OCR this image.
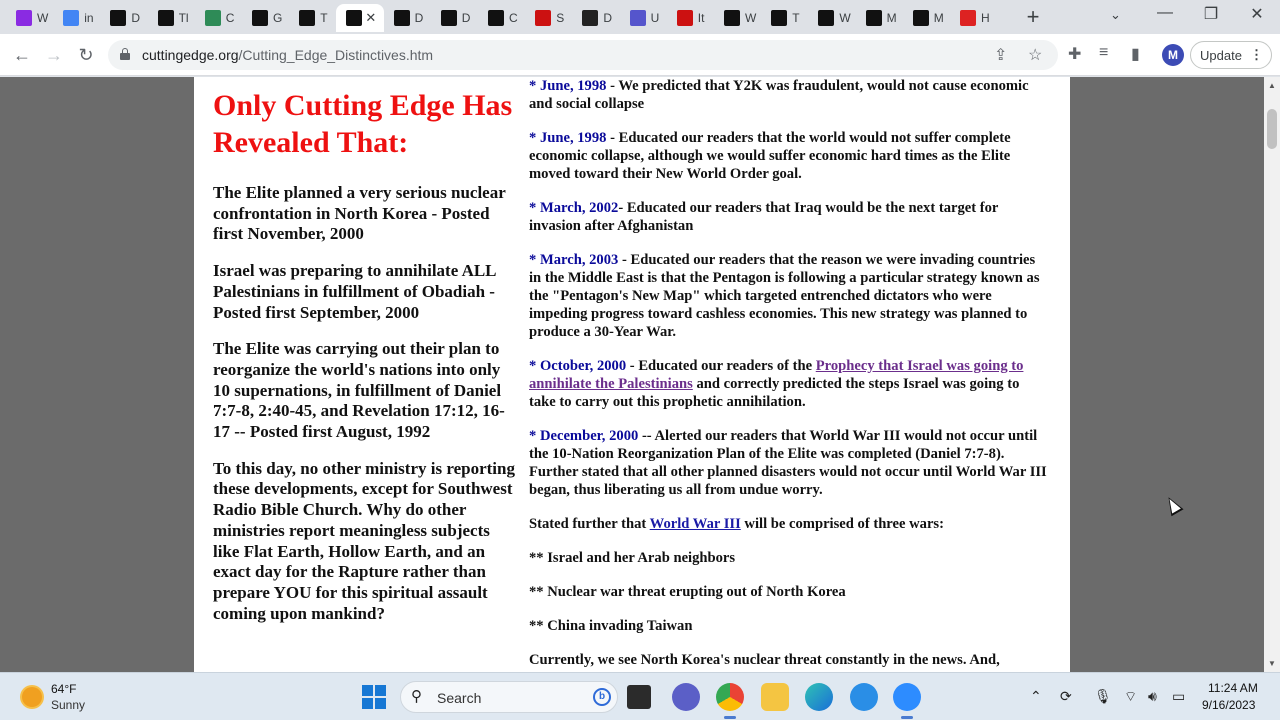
W	in	D	Tl	C	G	T	✕	D	D	C	S	D	U	It	W	T	W	M	M	H +	⌄	—	❐	✕
← → ↻	cuttingedge.org/Cutting_Edge_Distinctives.htm	⇪ ☆ ✚ ≡ ▮	M	Update ⋮
Only Cutting Edge Has Revealed That:
The Elite planned a very serious nuclear confrontation in North Korea - Posted first November, 2000
Israel was preparing to annihilate ALL Palestinians in fulfillment of Obadiah - Posted first September, 2000
The Elite was carrying out their plan to reorganize the world's nations into only 10 supernations, in fulfillment of Daniel 7:7-8, 2:40-45, and Revelation 17:12, 16-17 -- Posted first August, 1992
To this day, no other ministry is reporting these developments, except for Southwest Radio Bible Church. Why do other ministries report meaningless subjects like Flat Earth, Hollow Earth, and an exact day for the Rapture rather than prepare YOU for this spiritual assault coming upon mankind?

* June, 1998 - We predicted that Y2K was fraudulent, would not cause economic and social collapse

* June, 1998 - Educated our readers that the world would not suffer complete economic collapse, although we would suffer economic hard times as the Elite moved toward their New World Order goal.

* March, 2002- Educated our readers that Iraq would be the next target for invasion after Afghanistan

* March, 2003 - Educated our readers that the reason we were invading countries in the Middle East is that the Pentagon is following a particular strategy known as the "Pentagon's New Map" which targeted entrenched dictators who were impeding progress toward cashless economies. This new strategy was planned to produce a 30-Year War.

* October, 2000 - Educated our readers of the Prophecy that Israel was going to annihilate the Palestinians and correctly predicted the steps Israel was going to take to carry out this prophetic annihilation.

* December, 2000 -- Alerted our readers that World War III would not occur until the 10-Nation Reorganization Plan of the Elite was completed (Daniel 7:7-8). Further stated that all other planned disasters would not occur until World War III began, thus liberating us all from undue worry.

Stated further that World War III will be comprised of three wars:

** Israel and her Arab neighbors

** Nuclear war threat erupting out of North Korea

** China invading Taiwan

Currently, we see North Korea's nuclear threat constantly in the news. And,

▲
▼
64°F
Sunny	⚲ Search	b	⌃ ⟳ 🎙︎ ⌔ 🔊︎ ▭ 11:24 AM
9/16/2023
